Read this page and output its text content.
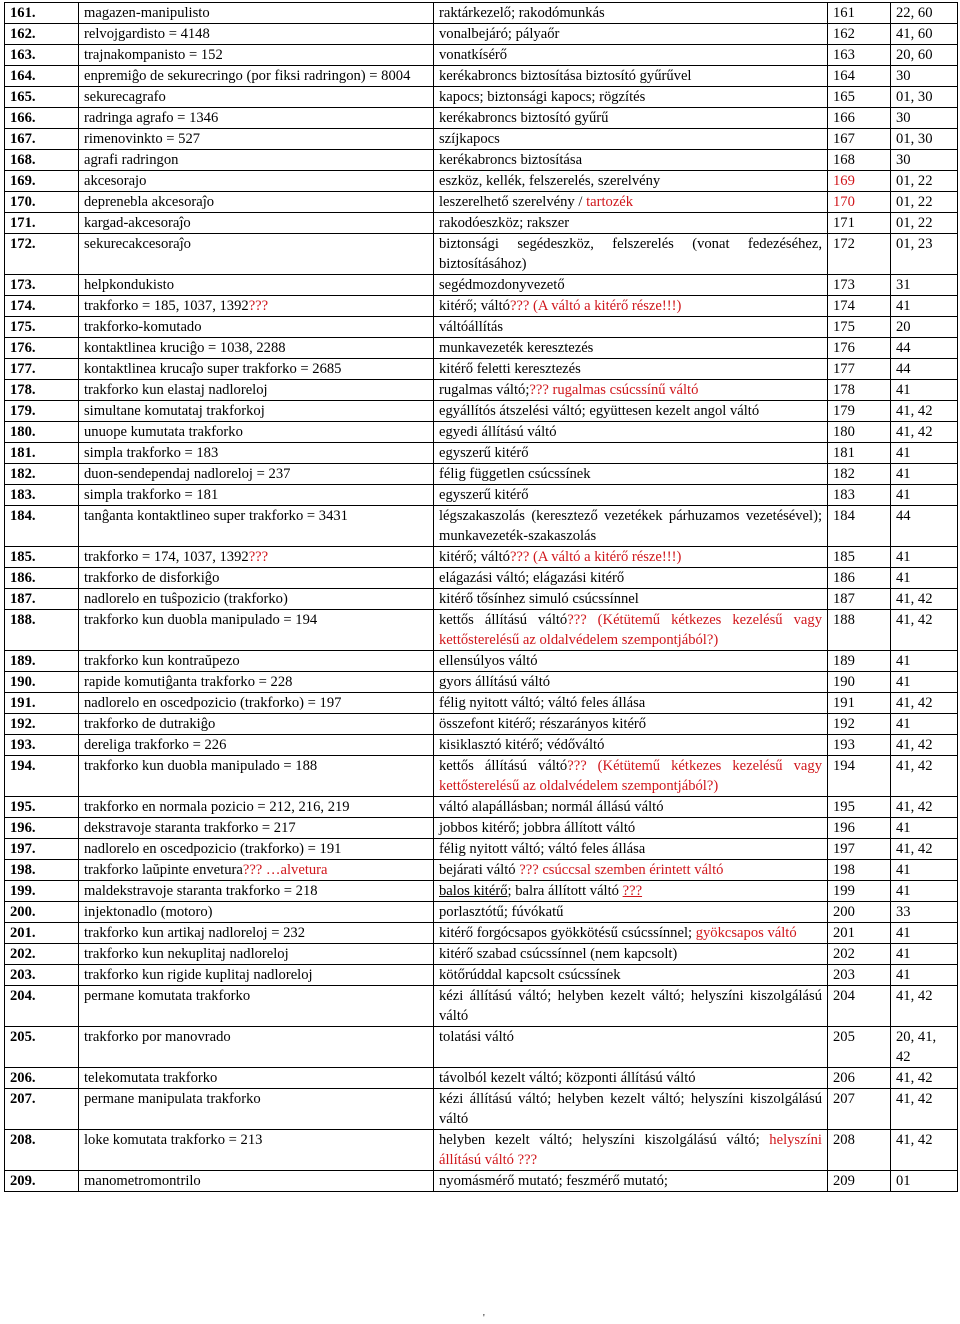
161.	magazen-manipulisto	raktárkezelő; rakodómunkás	161	22, 60
162.	relvojgardisto = 4148	vonalbejáró; pályaőr	162	41, 60
163.	trajnakompanisto = 152	vonatkísérő	163	20, 60
164.	enpremiĝo de sekurecringo (por fiksi radringon) = 8004	kerékabroncs biztosítása biztosító gyűrűvel	164	30
165.	sekurecagrafo	kapocs; biztonsági kapocs; rögzítés	165	01, 30
166.	radringa agrafo = 1346	kerékabroncs biztosító gyűrű	166	30
167.	rimenovinkto = 527	szíjkapocs	167	01, 30
168.	agrafi radringon	kerékabroncs biztosítása	168	30
169.	akcesorajo	eszköz, kellék, felszerelés, szerelvény	169	01, 22
170.	deprenebla akcesoraĵo	leszerelhető szerelvény / tartozék	170	01, 22
171.	kargad-akcesoraĵo	rakodóeszköz; rakszer	171	01, 22
172.	sekurecakcesoraĵo	biztonsági segédeszköz, felszerelés (vonat fedezéséhez, biztosításához)	172	01, 23
173.	helpkondukisto	segédmozdonyvezető	173	31
174.	trakforko = 185, 1037, 1392???	kitérő; váltó??? (A váltó a kitérő része!!!)	174	41
175.	trakforko-komutado	váltóállítás	175	20
176.	kontaktlinea kruciĝo = 1038, 2288	munkavezeték keresztezés	176	44
177.	kontaktlinea krucaĵo super trakforko = 2685	kitérő feletti keresztezés	177	44
178.	trakforko kun elastaj nadloreloj	rugalmas váltó;??? rugalmas csúcssínű váltó	178	41
179.	simultane komutataj trakforkoj	egyállítós átszelési váltó; együttesen kezelt angol váltó	179	41, 42
180.	unuope kumutata trakforko	egyedi állítású váltó	180	41, 42
181.	simpla trakforko = 183	egyszerű kitérő	181	41
182.	duon-sendependaj nadloreloj = 237	félig független csúcssínek	182	41
183.	simpla trakforko = 181	egyszerű kitérő	183	41
184.	tanĝanta kontaktlineo super trakforko = 3431	légszakaszolás (keresztező vezetékek párhuzamos vezetésével); munkavezeték-szakaszolás	184	44
185.	trakforko = 174, 1037, 1392???	kitérő; váltó??? (A váltó a kitérő része!!!)	185	41
186.	trakforko de disforkiĝo	elágazási váltó; elágazási kitérő	186	41
187.	nadlorelo en tuŝpozicio (trakforko)	kitérő tősínhez simuló csúcssínnel	187	41, 42
188.	trakforko kun duobla manipulado = 194	kettős állítású váltó??? (Kétütemű kétkezes kezelésű vagy kettősterelésű az oldalvédelem szempontjából?)	188	41, 42
189.	trakforko kun kontraŭpezo	ellensúlyos váltó	189	41
190.	rapide komutiĝanta trakforko = 228	gyors állítású váltó	190	41
191.	nadlorelo en oscedpozicio (trakforko) = 197	félig nyitott váltó; váltó feles állása	191	41, 42
192.	trakforko de dutrakiĝo	összefont kitérő; részarányos kitérő	192	41
193.	dereliga trakforko = 226	kisiklasztó kitérő; védőváltó	193	41, 42
194.	trakforko kun duobla manipulado = 188	kettős állítású váltó??? (Kétütemű kétkezes kezelésű vagy kettősterelésű az oldalvédelem szempontjából?)	194	41, 42
195.	trakforko en normala pozicio = 212, 216, 219	váltó alapállásban; normál állású váltó	195	41, 42
196.	dekstravoje staranta trakforko = 217	jobbos kitérő; jobbra állított váltó	196	41
197.	nadlorelo en oscedpozicio (trakforko) = 191	félig nyitott váltó; váltó feles állása	197	41, 42
198.	trakforko laŭpinte envetura??? …alvetura	bejárati váltó ??? csúccsal szemben érintett váltó	198	41
199.	maldekstravoje staranta trakforko = 218	balos kitérő; balra állított váltó ???	199	41
200.	injektonadlo (motoro)	porlasztótű; fúvókatű	200	33
201.	trakforko kun artikaj nadloreloj = 232	kitérő forgócsapos gyökkötésű csúcssínnel; gyökcsapos váltó	201	41
202.	trakforko kun nekuplitaj nadloreloj	kitérő szabad csúcssínnel (nem kapcsolt)	202	41
203.	trakforko kun rigide kuplitaj nadloreloj	kötőrúddal kapcsolt csúcssínek	203	41
204.	permane komutata trakforko	kézi állítású váltó; helyben kezelt váltó; helyszíni kiszolgálású váltó	204	41, 42
205.	trakforko por manovrado	tolatási váltó	205	20, 41, 42
206.	telekomutata trakforko	távolból kezelt váltó; központi állítású váltó	206	41, 42
207.	permane manipulata trakforko	kézi állítású váltó; helyben kezelt váltó; helyszíni kiszolgálású váltó	207	41, 42
208.	loke komutata trakforko = 213	helyben kezelt váltó; helyszíni kiszolgálású váltó; helyszíni állítású váltó ???	208	41, 42
209.	manometromontrilo	nyomásmérő mutató; feszmérő mutató;	209	01
'
